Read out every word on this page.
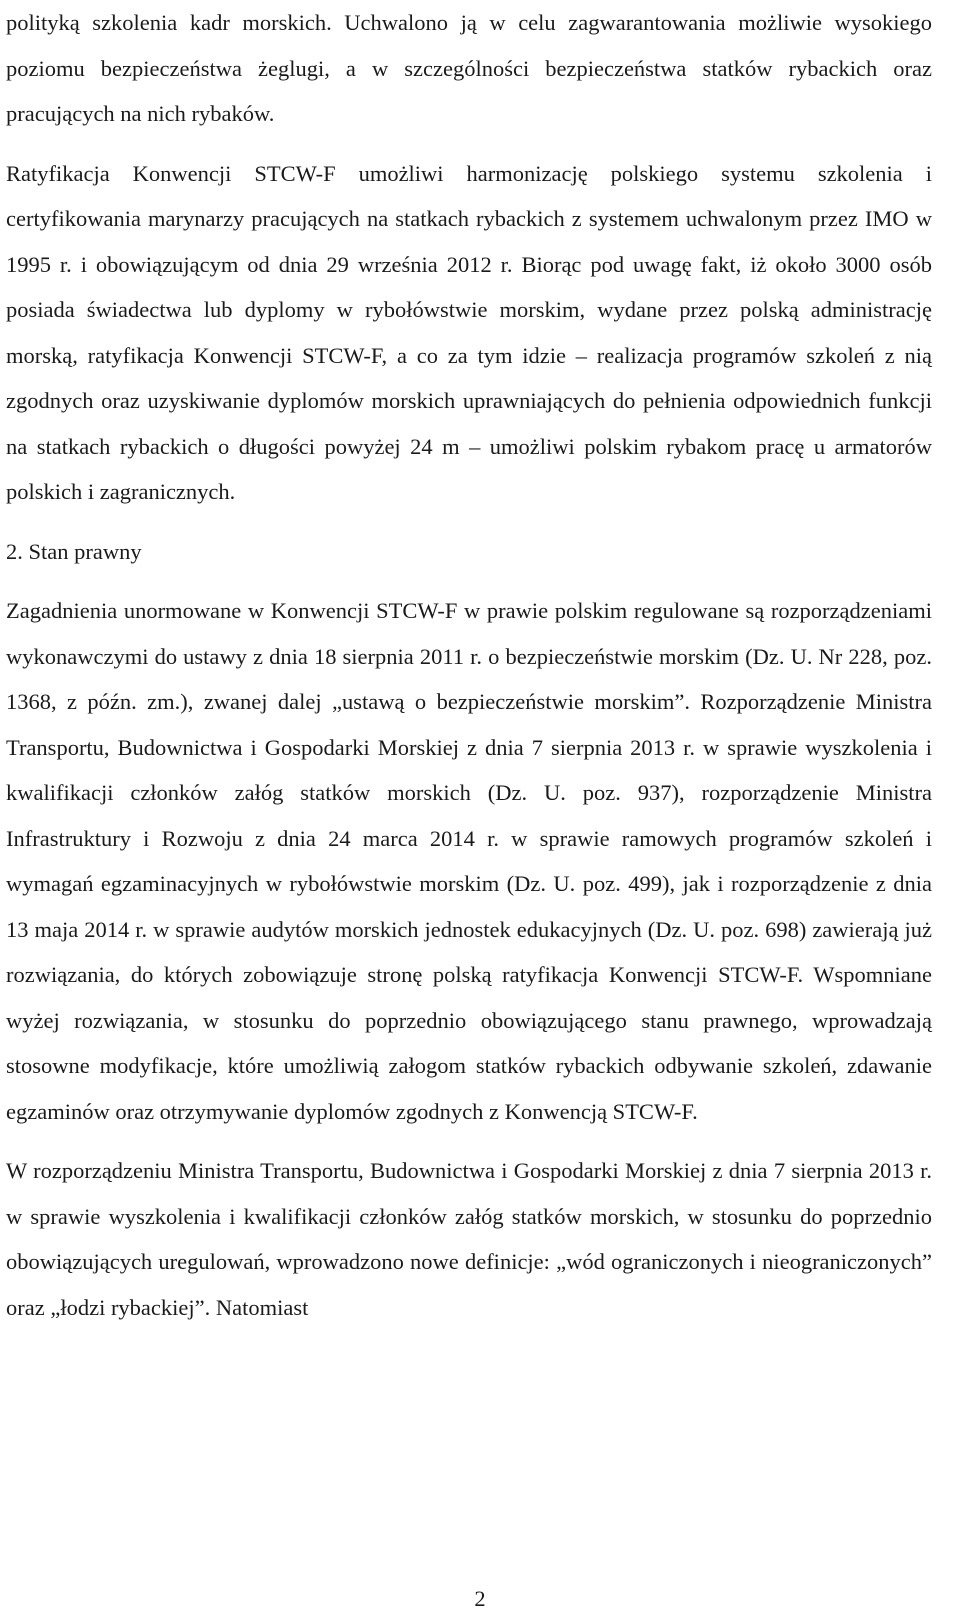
polityką szkolenia kadr morskich. Uchwalono ją w celu zagwarantowania możliwie wysokiego poziomu bezpieczeństwa żeglugi, a w szczególności bezpieczeństwa statków rybackich oraz pracujących na nich rybaków.

Ratyfikacja Konwencji STCW-F umożliwi harmonizację polskiego systemu szkolenia i certyfikowania marynarzy pracujących na statkach rybackich z systemem uchwalonym przez IMO w 1995 r. i obowiązującym od dnia 29 września 2012 r. Biorąc pod uwagę fakt, iż około 3000 osób posiada świadectwa lub dyplomy w rybołówstwie morskim, wydane przez polską administrację morską, ratyfikacja Konwencji STCW-F, a co za tym idzie – realizacja programów szkoleń z nią zgodnych oraz uzyskiwanie dyplomów morskich uprawniających do pełnienia odpowiednich funkcji na statkach rybackich o długości powyżej 24 m – umożliwi polskim rybakom pracę u armatorów polskich i zagranicznych.

2. Stan prawny

Zagadnienia unormowane w Konwencji STCW-F w prawie polskim regulowane są rozporządzeniami wykonawczymi do ustawy z dnia 18 sierpnia 2011 r. o bezpieczeństwie morskim (Dz. U. Nr 228, poz. 1368, z późn. zm.), zwanej dalej „ustawą o bezpieczeństwie morskim”. Rozporządzenie Ministra Transportu, Budownictwa i Gospodarki Morskiej z dnia 7 sierpnia 2013 r. w sprawie wyszkolenia i kwalifikacji członków załóg statków morskich (Dz. U. poz. 937), rozporządzenie Ministra Infrastruktury i Rozwoju z dnia 24 marca 2014 r. w sprawie ramowych programów szkoleń i wymagań egzaminacyjnych w rybołówstwie morskim (Dz. U. poz. 499), jak i rozporządzenie z dnia 13 maja 2014 r. w sprawie audytów morskich jednostek edukacyjnych (Dz. U. poz. 698) zawierają już rozwiązania, do których zobowiązuje stronę polską ratyfikacja Konwencji STCW-F. Wspomniane wyżej rozwiązania, w stosunku do poprzednio obowiązującego stanu prawnego, wprowadzają stosowne modyfikacje, które umożliwią załogom statków rybackich odbywanie szkoleń, zdawanie egzaminów oraz otrzymywanie dyplomów zgodnych z Konwencją STCW-F.

W rozporządzeniu Ministra Transportu, Budownictwa i Gospodarki Morskiej z dnia 7 sierpnia 2013 r. w sprawie wyszkolenia i kwalifikacji członków załóg statków morskich, w stosunku do poprzednio obowiązujących uregulowań, wprowadzono nowe definicje: „wód ograniczonych i nieograniczonych” oraz „łodzi rybackiej”. Natomiast

2
